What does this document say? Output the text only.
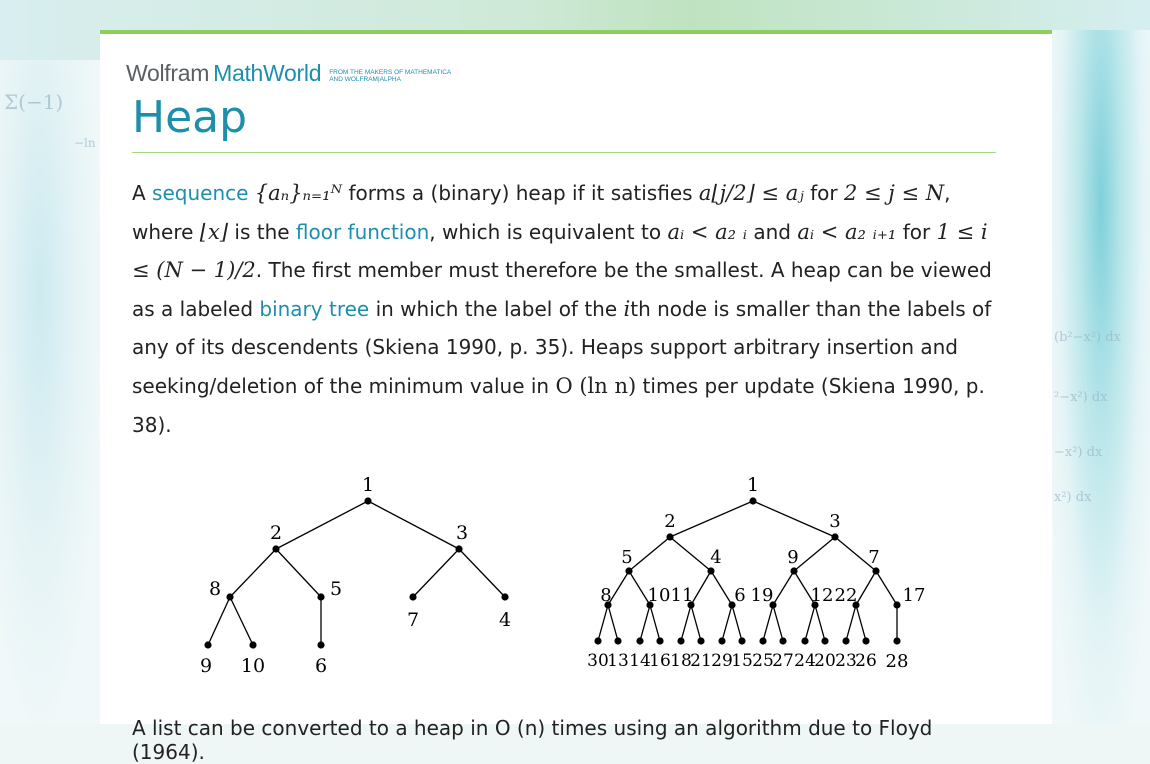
Σ(−1)
−ln
(b²−x²) dx
²−x²) dx
−x²) dx
x²) dx
Wolfram MathWorld FROM THE MAKERS OF MATHEMATICA
AND WOLFRAM|ALPHA
Heap
A sequence {aₙ}ₙ₌₁ᴺ forms a (binary) heap if it satisfies a⌊j/2⌋ ≤ aⱼ for 2 ≤ j ≤ N, where ⌊x⌋ is the floor function, which is equivalent to aᵢ < a₂ ᵢ and aᵢ < a₂ ᵢ₊₁ for 1 ≤ i ≤ (N − 1)/2. The first member must therefore be the smallest. A heap can be viewed as a labeled binary tree in which the label of the ith node is smaller than the labels of any of its descendents (Skiena 1990, p. 35). Heaps support arbitrary insertion and seeking/deletion of the minimum value in O (ln n) times per update (Skiena 1990, p. 38).
1
2	3
8	5
7	4
9 10	6
1
2	3
5	4	9	7
8 10 11 6 19 12 22	17
30
13 14
16 18
21 29
15 25
27 24
20 23
26 28
A list can be converted to a heap in O (n) times using an algorithm due to Floyd (1964).
